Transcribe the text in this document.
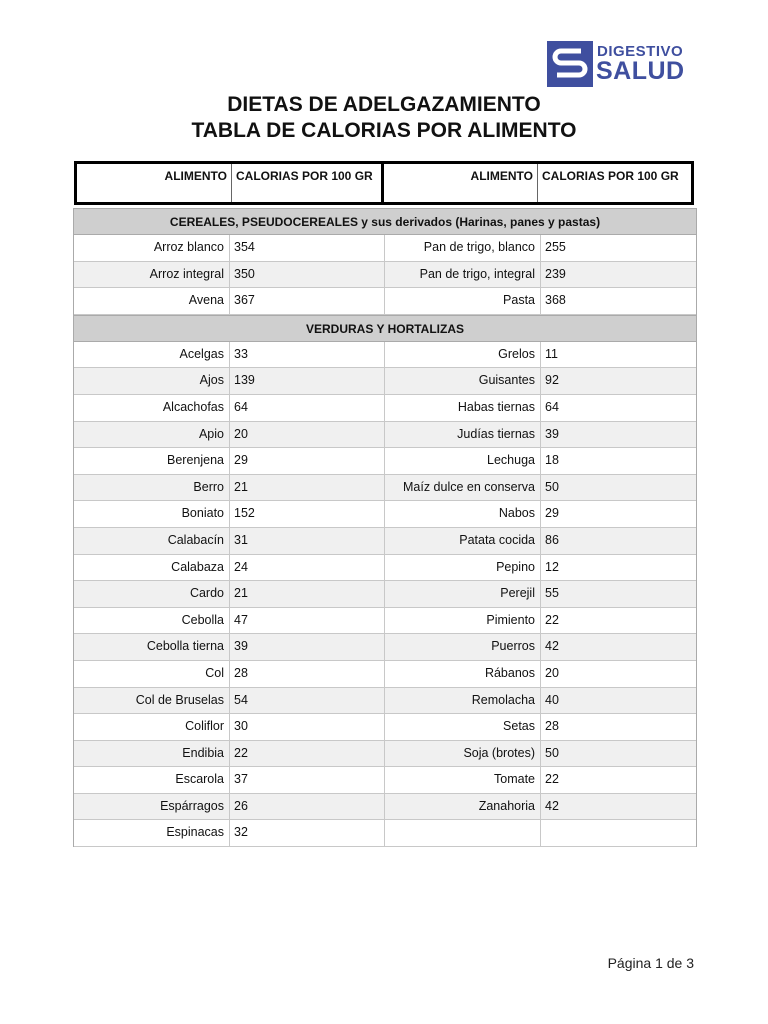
DIGESTIVO
SALUD
DIETAS DE ADELGAZAMIENTO
TABLA DE CALORIAS POR ALIMENTO
ALIMENTO CALORIAS POR 100 GR	ALIMENTO CALORIAS POR 100 GR
CEREALES, PSEUDOCEREALES y sus derivados (Harinas, panes y pastas)
Arroz blanco 354	Pan de trigo, blanco 255
Arroz integral 350	Pan de trigo, integral 239
Avena 367	Pasta 368
VERDURAS Y HORTALIZAS
Acelgas 33	Grelos 11
Ajos 139	Guisantes 92
Alcachofas 64	Habas tiernas 64
Apio 20	Judías tiernas 39
Berenjena 29	Lechuga 18
Berro 21	Maíz dulce en conserva 50
Boniato 152	Nabos 29
Calabacín 31	Patata cocida 86
Calabaza 24	Pepino 12
Cardo 21	Perejil 55
Cebolla 47	Pimiento 22
Cebolla tierna 39	Puerros 42
Col 28	Rábanos 20
Col de Bruselas 54	Remolacha 40
Coliflor 30	Setas 28
Endibia 22	Soja (brotes) 50
Escarola 37	Tomate 22
Espárragos 26	Zanahoria 42
Espinacas 32
Página 1 de 3
